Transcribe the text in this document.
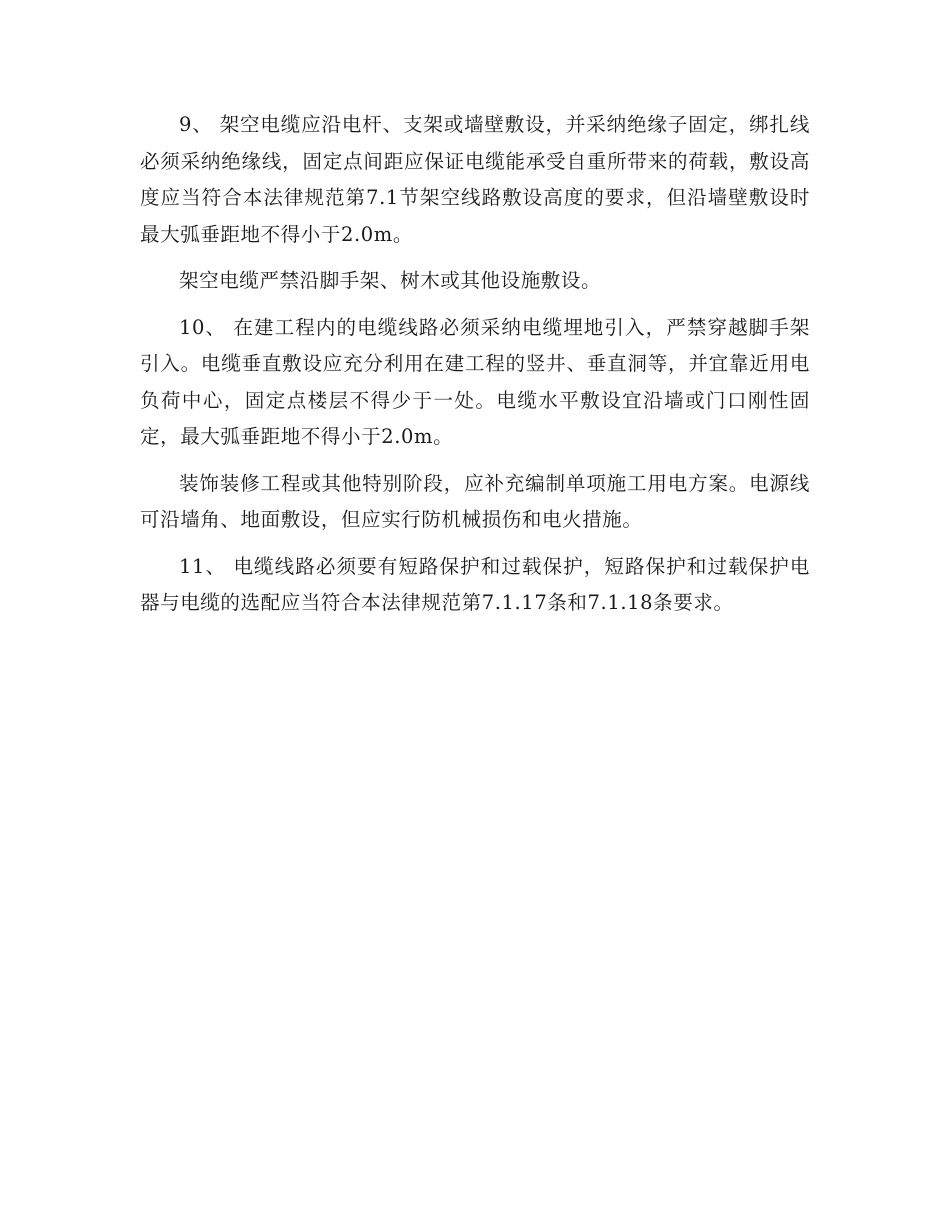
9、 架空电缆应沿电杆、支架或墙壁敷设，并采纳绝缘子固定，绑扎线必须采纳绝缘线，固定点间距应保证电缆能承受自重所带来的荷载，敷设高度应当符合本法律规范第7.1节架空线路敷设高度的要求，但沿墙壁敷设时最大弧垂距地不得小于2.0m。

架空电缆严禁沿脚手架、树木或其他设施敷设。

10、 在建工程内的电缆线路必须采纳电缆埋地引入，严禁穿越脚手架引入。电缆垂直敷设应充分利用在建工程的竖井、垂直洞等，并宜靠近用电负荷中心，固定点楼层不得少于一处。电缆水平敷设宜沿墙或门口刚性固定，最大弧垂距地不得小于2.0m。

装饰装修工程或其他特别阶段，应补充编制单项施工用电方案。电源线可沿墙角、地面敷设，但应实行防机械损伤和电火措施。

11、 电缆线路必须要有短路保护和过载保护，短路保护和过载保护电器与电缆的选配应当符合本法律规范第7.1.17条和7.1.18条要求。
